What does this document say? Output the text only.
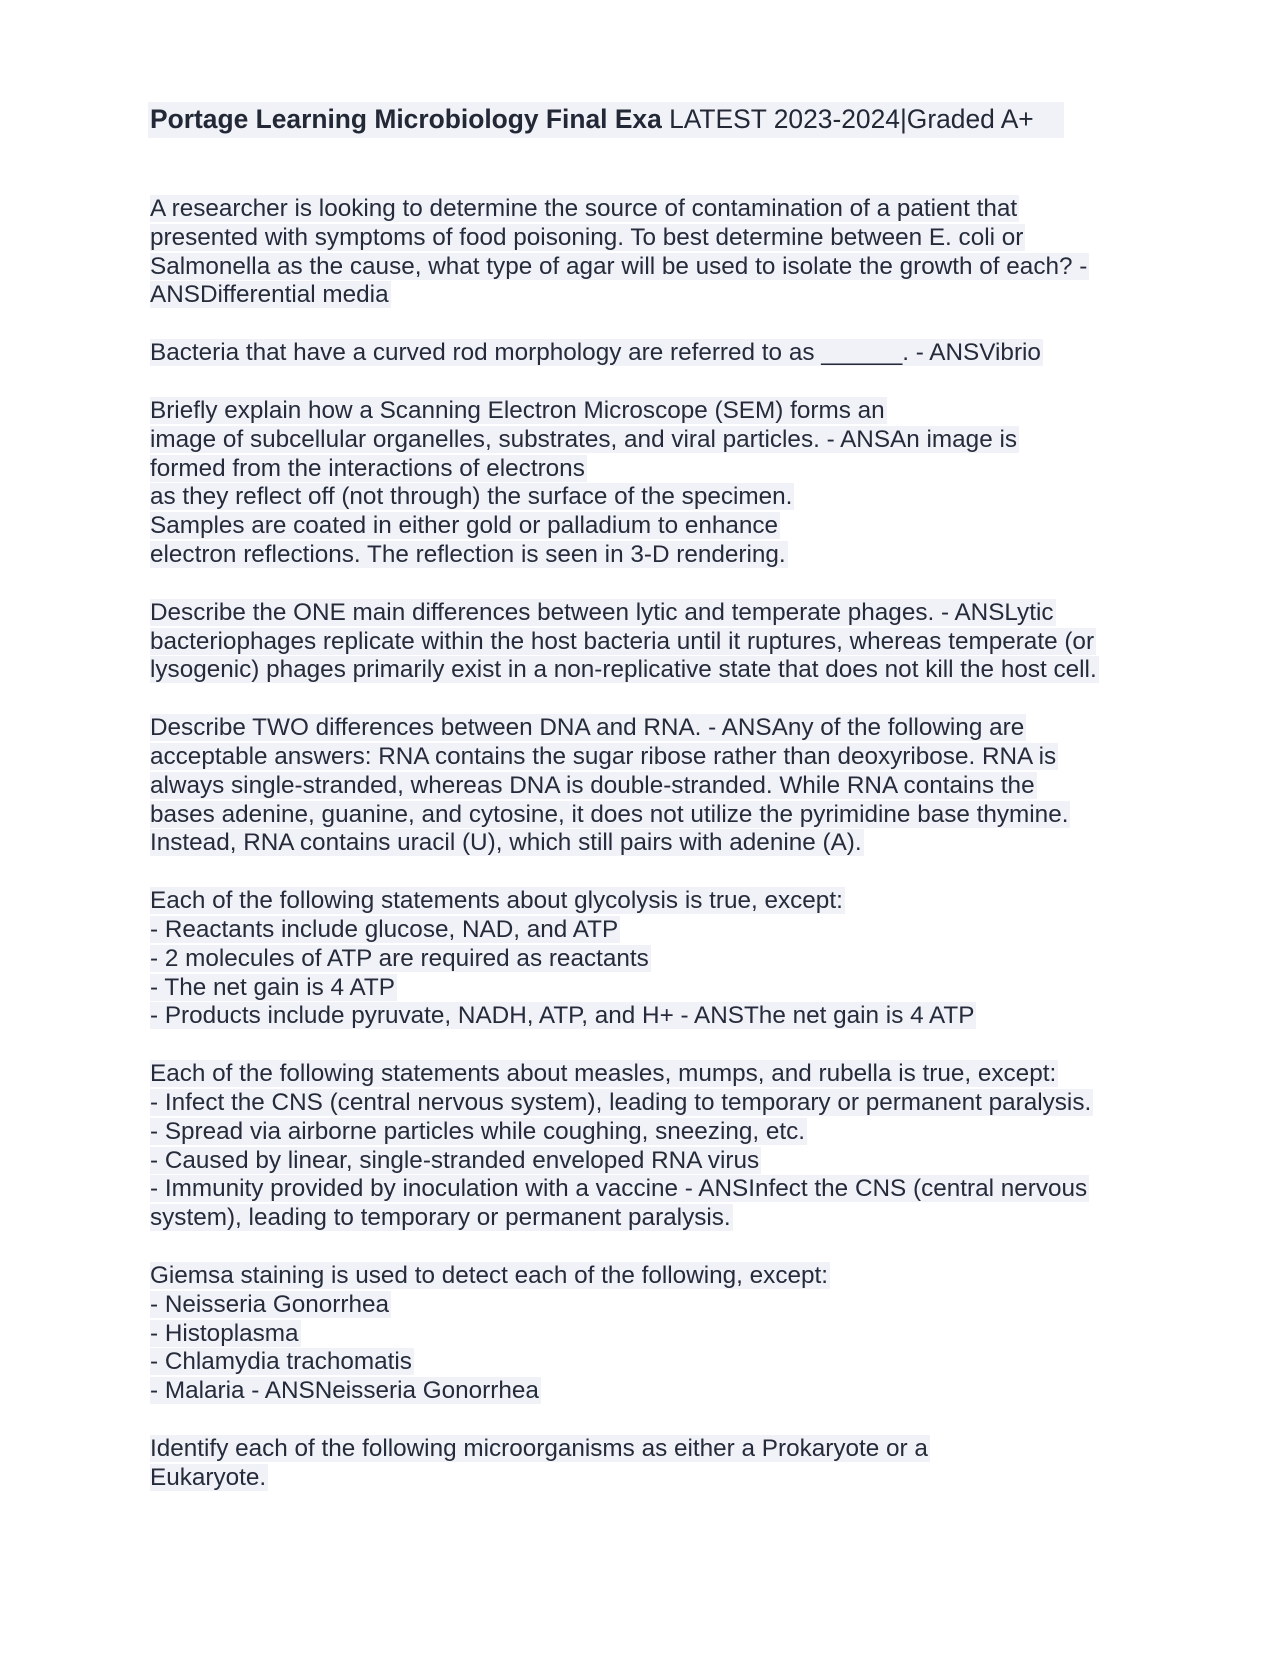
Portage Learning Microbiology Final Exa LATEST 2023-2024|Graded A+
A researcher is looking to determine the source of contamination of a patient that
presented with symptoms of food poisoning. To best determine between E. coli or
Salmonella as the cause, what type of agar will be used to isolate the growth of each? -
ANSDifferential media
Bacteria that have a curved rod morphology are referred to as ______. - ANSVibrio
Briefly explain how a Scanning Electron Microscope (SEM) forms an
image of subcellular organelles, substrates, and viral particles. - ANSAn image is
formed from the interactions of electrons
as they reflect off (not through) the surface of the specimen.
Samples are coated in either gold or palladium to enhance
electron reflections. The reflection is seen in 3-D rendering.
Describe the ONE main differences between lytic and temperate phages. - ANSLytic
bacteriophages replicate within the host bacteria until it ruptures, whereas temperate (or
lysogenic) phages primarily exist in a non-replicative state that does not kill the host cell.
Describe TWO differences between DNA and RNA. - ANSAny of the following are
acceptable answers: RNA contains the sugar ribose rather than deoxyribose. RNA is
always single-stranded, whereas DNA is double-stranded. While RNA contains the
bases adenine, guanine, and cytosine, it does not utilize the pyrimidine base thymine.
Instead, RNA contains uracil (U), which still pairs with adenine (A).
Each of the following statements about glycolysis is true, except:
- Reactants include glucose, NAD, and ATP
- 2 molecules of ATP are required as reactants
- The net gain is 4 ATP
- Products include pyruvate, NADH, ATP, and H+ - ANSThe net gain is 4 ATP
Each of the following statements about measles, mumps, and rubella is true, except:
- Infect the CNS (central nervous system), leading to temporary or permanent paralysis.
- Spread via airborne particles while coughing, sneezing, etc.
- Caused by linear, single-stranded enveloped RNA virus
- Immunity provided by inoculation with a vaccine - ANSInfect the CNS (central nervous
system), leading to temporary or permanent paralysis.
Giemsa staining is used to detect each of the following, except:
- Neisseria Gonorrhea
- Histoplasma
- Chlamydia trachomatis
- Malaria - ANSNeisseria Gonorrhea
Identify each of the following microorganisms as either a Prokaryote or a
Eukaryote.
